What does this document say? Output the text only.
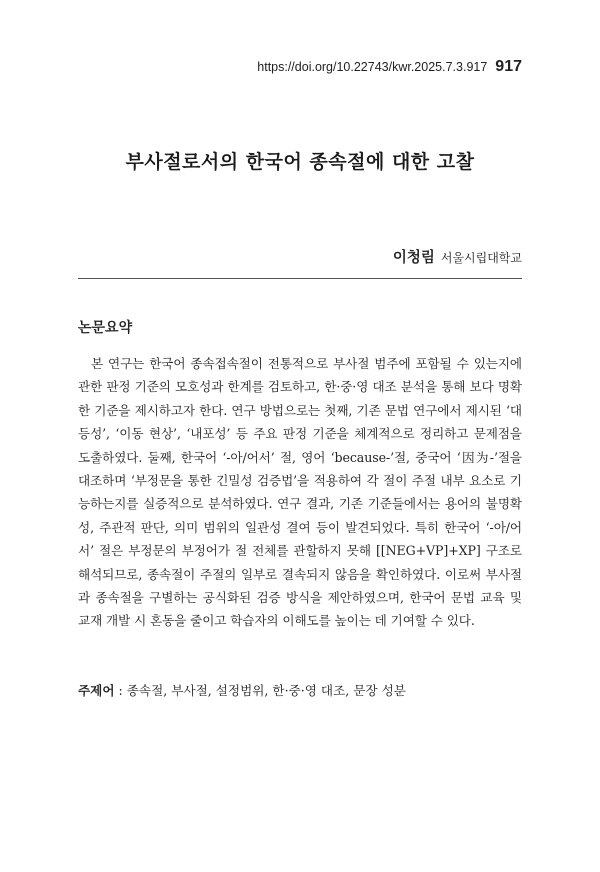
https://doi.org/10.22743/kwr.2025.7.3.917 917
부사절로서의 한국어 종속절에 대한 고찰
이청림 서울시립대학교
논문요약

본 연구는 한국어 종속접속절이 전통적으로 부사절 범주에 포함될 수 있는지에 관한 판정 기준의 모호성과 한계를 검토하고, 한·중·영 대조 분석을 통해 보다 명확한 기준을 제시하고자 한다. 연구 방법으로는 첫째, 기존 문법 연구에서 제시된 ‘대등성’, ‘이동 현상’, ‘내포성’ 등 주요 판정 기준을 체계적으로 정리하고 문제점을 도출하였다. 둘째, 한국어 ‘-아/어서’ 절, 영어 ‘because-’절, 중국어 ‘因为-’절을 대조하며 ‘부정문을 통한 긴밀성 검증법’을 적용하여 각 절이 주절 내부 요소로 기능하는지를 실증적으로 분석하였다. 연구 결과, 기존 기준들에서는 용어의 불명확성, 주관적 판단, 의미 범위의 일관성 결여 등이 발견되었다. 특히 한국어 ‘-아/어서’ 절은 부정문의 부정어가 절 전체를 관할하지 못해 [[NEG+VP]+XP] 구조로 해석되므로, 종속절이 주절의 일부로 결속되지 않음을 확인하였다. 이로써 부사절과 종속절을 구별하는 공식화된 검증 방식을 제안하였으며, 한국어 문법 교육 및 교재 개발 시 혼동을 줄이고 학습자의 이해도를 높이는 데 기여할 수 있다.

주제어 : 종속절, 부사절, 설정범위, 한·중·영 대조, 문장 성분
